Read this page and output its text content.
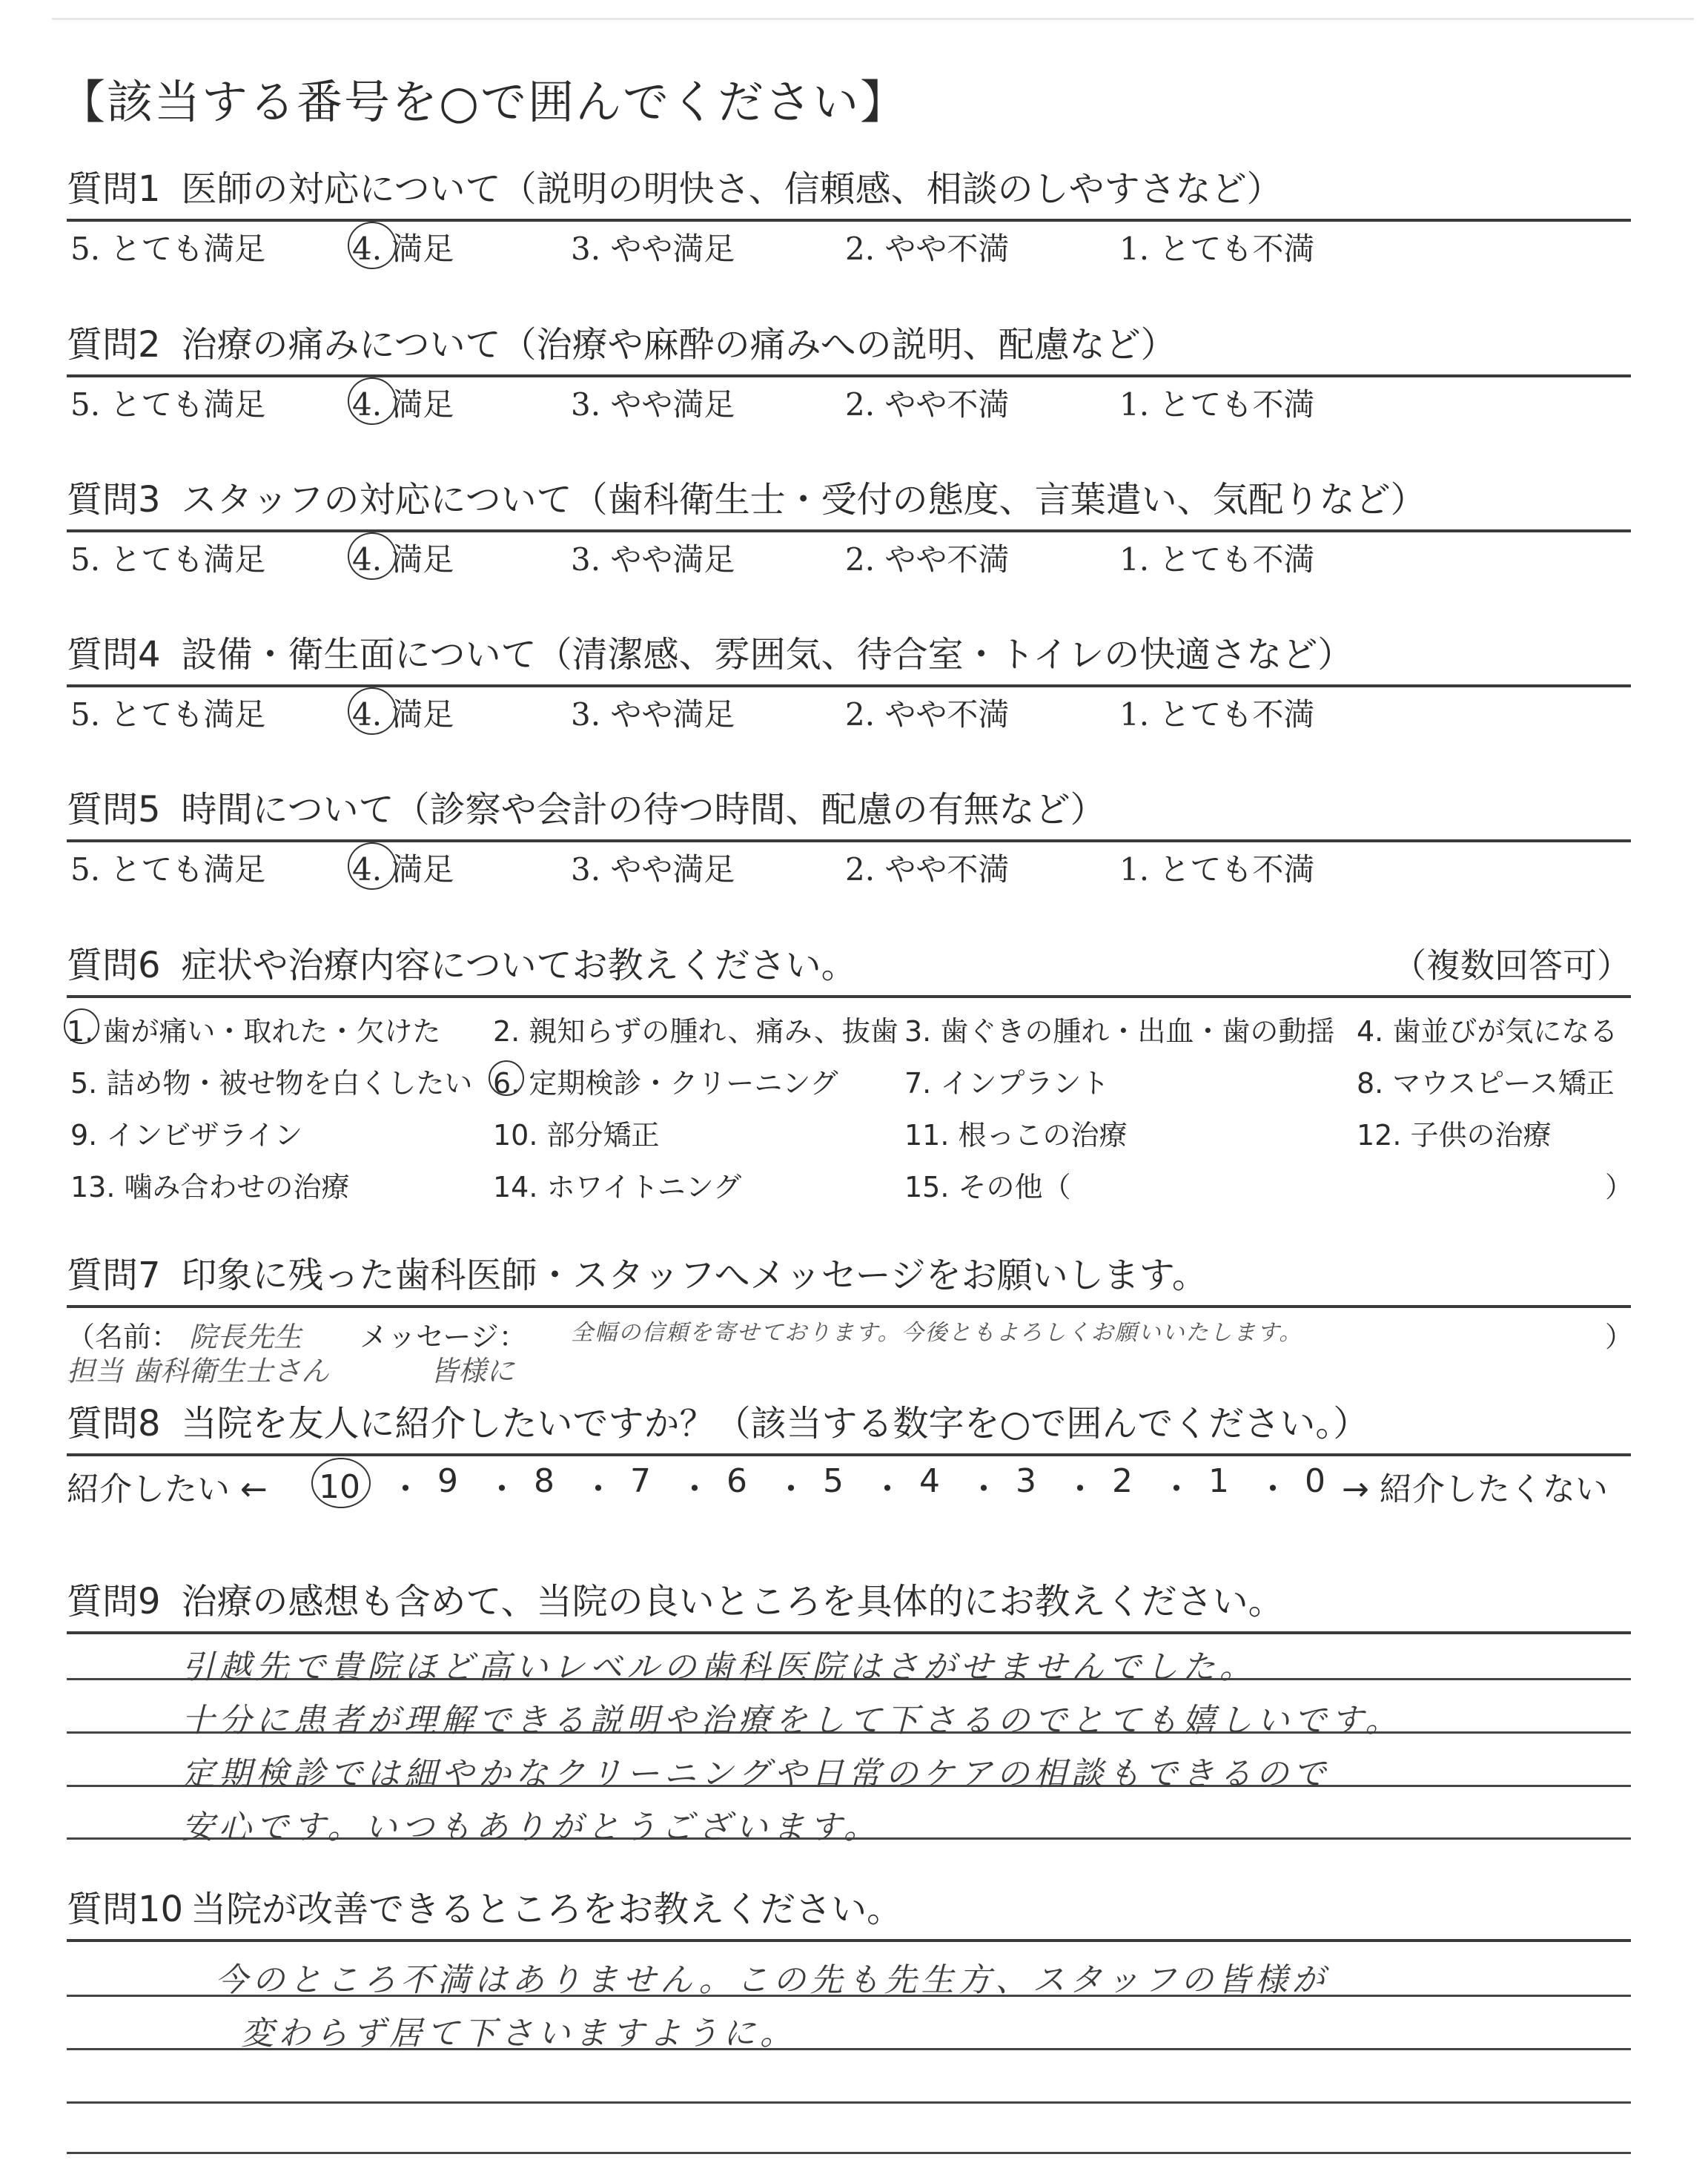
【該当する番号を○で囲んでください】
質問1 医師の対応について（説明の明快さ、信頼感、相談のしやすさなど）
5. とても満足	4. 満足	3. やや満足	2. やや不満	1. とても不満
質問2 治療の痛みについて（治療や麻酔の痛みへの説明、配慮など）
5. とても満足	4. 満足	3. やや満足	2. やや不満	1. とても不満
質問3 スタッフの対応について（歯科衛生士・受付の態度、言葉遣い、気配りなど）
5. とても満足	4. 満足	3. やや満足	2. やや不満	1. とても不満
質問4 設備・衛生面について（清潔感、雰囲気、待合室・トイレの快適さなど）
5. とても満足	4. 満足	3. やや満足	2. やや不満	1. とても不満
質問5 時間について（診察や会計の待つ時間、配慮の有無など）
5. とても満足	4. 満足	3. やや満足	2. やや不満	1. とても不満
質問6 症状や治療内容についてお教えください。	（複数回答可）
1. 歯が痛い・取れた・欠けた 2. 親知らずの腫れ、痛み、抜歯 3. 歯ぐきの腫れ・出血・歯の動揺 4. 歯並びが気になる
5. 詰め物・被せ物を白くしたい 6. 定期検診・クリーニング 7. インプラント	8. マウスピース矯正
9. インビザライン	10. 部分矯正	11. 根っこの治療	12. 子供の治療
13. 噛み合わせの治療	14. ホワイトニング	15. その他（	）
質問7 印象に残った歯科医師・スタッフへメッセージをお願いします。
（名前： 院長先生 メッセージ： 全幅の信頼を寄せております。今後ともよろしくお願いいたします。	）
担当 歯科衛生士さん	皆様に
質問8 当院を友人に紹介したいですか？（該当する数字を○で囲んでください。）
紹介したい ← 10 ・ 9 ・ 8 ・ 7 ・ 6 ・ 5 ・ 4 ・ 3 ・ 2 ・ 1 ・ 0 → 紹介したくない
質問9 治療の感想も含めて、当院の良いところを具体的にお教えください。
引越先で貴院ほど高いレベルの歯科医院はさがせませんでした。
十分に患者が理解できる説明や治療をして下さるのでとても嬉しいです。
定期検診では細やかなクリーニングや日常のケアの相談もできるので
安心です。いつもありがとうございます。
質問10 当院が改善できるところをお教えください。
今のところ不満はありません。この先も先生方、スタッフの皆様が
変わらず居て下さいますように。
